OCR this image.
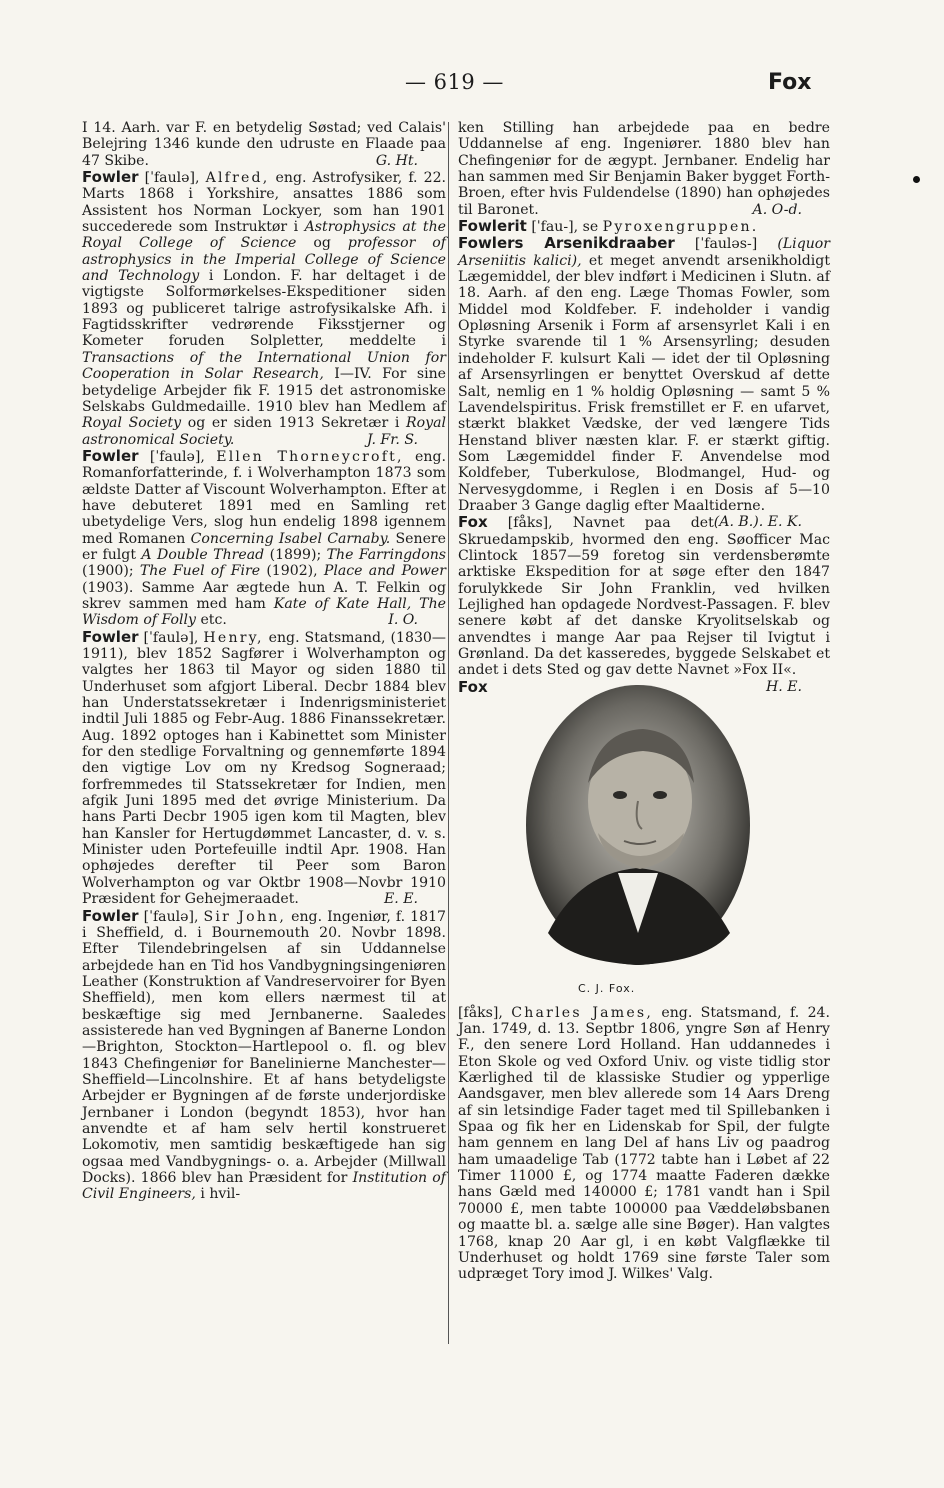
— 619 —	Fox

I 14. Aarh. var F. en betydelig Søstad; ved Calais' Belejring 1346 kunde den udruste en Flaade paa 47 Skibe.	G. Ht.

Fowler [ˈfaulə], Alfred, eng. Astrofysiker, f. 22. Marts 1868 i Yorkshire, ansattes 1886 som Assistent hos Norman Lockyer, som han 1901 succederede som Instruktør i Astrophysics at the Royal College of Science og professor of astrophysics in the Imperial College of Science and Technology i London. F. har deltaget i de vigtigste Solformørkelses-Ekspeditioner siden 1893 og publiceret talrige astrofysikalske Afh. i Fagtidsskrifter vedrørende Fiksstjerner og Kometer foruden Solpletter, meddelte i Transactions of the International Union for Cooperation in Solar Research, I—IV. For sine betydelige Arbejder fik F. 1915 det astronomiske Selskabs Guldmedaille. 1910 blev han Medlem af Royal Society og er siden 1913 Sekretær i Royal astronomical Society.	J. Fr. S.

Fowler [ˈfaulə], Ellen Thorneycroft, eng. Romanforfatterinde, f. i Wolverhampton 1873 som ældste Datter af Viscount Wolverhampton. Efter at have debuteret 1891 med en Samling ret ubetydelige Vers, slog hun endelig 1898 igennem med Romanen Concerning Isabel Carnaby. Senere er fulgt A Double Thread (1899); The Farringdons (1900); The Fuel of Fire (1902), Place and Power (1903). Samme Aar ægtede hun A. T. Felkin og skrev sammen med ham Kate of Kate Hall, The Wisdom of Folly etc.	I. O.

Fowler [ˈfaulə], Henry, eng. Statsmand, (1830—1911), blev 1852 Sagfører i Wolverhampton og valgtes her 1863 til Mayor og siden 1880 til Underhuset som afgjort Liberal. Decbr 1884 blev han Understatssekretær i Indenrigsministeriet indtil Juli 1885 og Febr-Aug. 1886 Finanssekretær. Aug. 1892 optoges han i Kabinettet som Minister for den stedlige Forvaltning og gennemførte 1894 den vigtige Lov om ny Kredsog Sogneraad; forfremmedes til Statssekretær for Indien, men afgik Juni 1895 med det øvrige Ministerium. Da hans Parti Decbr 1905 igen kom til Magten, blev han Kansler for Hertugdømmet Lancaster, d. v. s. Minister uden Portefeuille indtil Apr. 1908. Han ophøjedes derefter til Peer som Baron Wolverhampton og var Oktbr 1908—Novbr 1910 Præsident for Gehejmeraadet.	E. E.

Fowler [ˈfaulə], Sir John, eng. Ingeniør, f. 1817 i Sheffield, d. i Bournemouth 20. Novbr 1898. Efter Tilendebringelsen af sin Uddannelse arbejdede han en Tid hos Vandbygningsingeniøren Leather (Konstruktion af Vandreservoirer for Byen Sheffield), men kom ellers nærmest til at beskæftige sig med Jernbanerne. Saaledes assisterede han ved Bygningen af Banerne London—Brighton, Stockton—Hartlepool o. fl. og blev 1843 Chefingeniør for Banelinierne Manchester—Sheffield—Lincolnshire. Et af hans betydeligste Arbejder er Bygningen af de første underjordiske Jernbaner i London (begyndt 1853), hvor han anvendte et af ham selv hertil konstrueret Lokomotiv, men samtidig beskæftigede han sig ogsaa med Vandbygnings- o. a. Arbejder (Millwall Docks). 1866 blev han Præsident for Institution of Civil Engineers, i hvil-

ken Stilling han arbejdede paa en bedre Uddannelse af eng. Ingeniører. 1880 blev han Chefingeniør for de ægypt. Jernbaner. Endelig har han sammen med Sir Benjamin Baker bygget Forth-Broen, efter hvis Fuldendelse (1890) han ophøjedes til Baronet.	A. O-d.

Fowlerit [ˈfau-], se Pyroxengruppen.

Fowlers Arsenikdraaber [ˈfauləs-] (Liquor Arseniitis kalici), et meget anvendt arsenikholdigt Lægemiddel, der blev indført i Medicinen i Slutn. af 18. Aarh. af den eng. Læge Thomas Fowler, som Middel mod Koldfeber. F. indeholder i vandig Opløsning Arsenik i Form af arsensyrlet Kali i en Styrke svarende til 1 % Arsensyrling; desuden indeholder F. kulsurt Kali — idet der til Opløsning af Arsensyrlingen er benyttet Overskud af dette Salt, nemlig en 1 % holdig Opløsning — samt 5 % Lavendelspiritus. Frisk fremstillet er F. en ufarvet, stærkt blakket Vædske, der ved længere Tids Henstand bliver næsten klar. F. er stærkt giftig. Som Lægemiddel finder F. Anvendelse mod Koldfeber, Tuberkulose, Blodmangel, Hud- og Nervesygdomme, i Reglen i en Dosis af 5—10 Draaber 3 Gange daglig efter Maaltiderne.
(A. B.). E. K.

Fox [fåks], Navnet paa det Skruedampskib, hvormed den eng. Søofficer Mac Clintock 1857—59 foretog sin verdensberømte arktiske Ekspedition for at søge efter den 1847 forulykkede Sir John Franklin, ved hvilken Lejlighed han opdagede Nordvest-Passagen. F. blev senere købt af det danske Kryolitselskab og anvendtes i mange Aar paa Rejser til Ivigtut i Grønland. Da det kasseredes, byggede Selskabet et andet i dets Sted og gav dette Navnet »Fox II«.
H. E.

C. J. Fox.
Fox [fåks], Charles James, eng. Statsmand, f. 24. Jan. 1749, d. 13. Septbr 1806, yngre Søn af Henry F., den senere Lord Holland. Han uddannedes i Eton Skole og ved Oxford Univ. og viste tidlig stor Kærlighed til de klassiske Studier og ypperlige Aandsgaver, men blev allerede som 14 Aars Dreng af sin letsindige Fader taget med til Spillebanken i Spaa og fik her en Lidenskab for Spil, der fulgte ham gennem en lang Del af hans Liv og paadrog ham umaadelige Tab (1772 tabte han i Løbet af 22 Timer 11000 £, og 1774 maatte Faderen dække hans Gæld med 140000 £; 1781 vandt han i Spil 70000 £, men tabte 100000 paa Væddeløbsbanen og maatte bl. a. sælge alle sine Bøger). Han valgtes 1768, knap 20 Aar gl, i en købt Valgflække til Underhuset og holdt 1769 sine første Taler som udpræget Tory imod J. Wilkes' Valg.
